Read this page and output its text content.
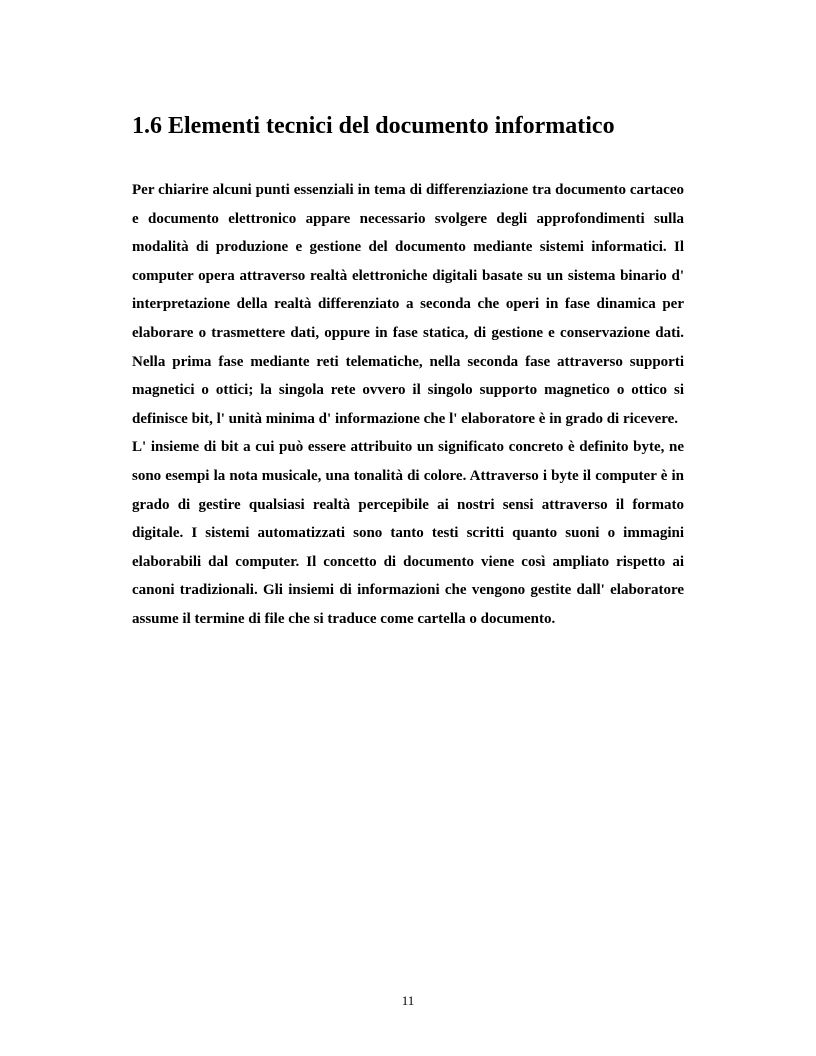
1.6 Elementi tecnici del documento informatico

Per chiarire alcuni punti essenziali in tema di differenziazione tra documento cartaceo e documento elettronico appare necessario svolgere degli approfondimenti sulla modalità di produzione e gestione del documento mediante sistemi informatici. Il computer opera attraverso realtà elettroniche digitali basate su un sistema binario d' interpretazione della realtà differenziato a seconda che operi in fase dinamica per elaborare o trasmettere dati, oppure in fase statica, di gestione e conservazione dati. Nella prima fase mediante reti telematiche, nella seconda fase attraverso supporti magnetici o ottici; la singola rete ovvero il singolo supporto magnetico o ottico si definisce bit, l' unità minima d' informazione che l' elaboratore è in grado di ricevere.

L' insieme di bit a cui può essere attribuito un significato concreto è definito byte, ne sono esempi la nota musicale, una tonalità di colore. Attraverso i byte il computer è in grado di gestire qualsiasi realtà percepibile ai nostri sensi attraverso il formato digitale. I sistemi automatizzati sono tanto testi scritti quanto suoni o immagini elaborabili dal computer. Il concetto di documento viene così ampliato rispetto ai canoni tradizionali. Gli insiemi di informazioni che vengono gestite dall' elaboratore assume il termine di file che si traduce come cartella o documento.

11
